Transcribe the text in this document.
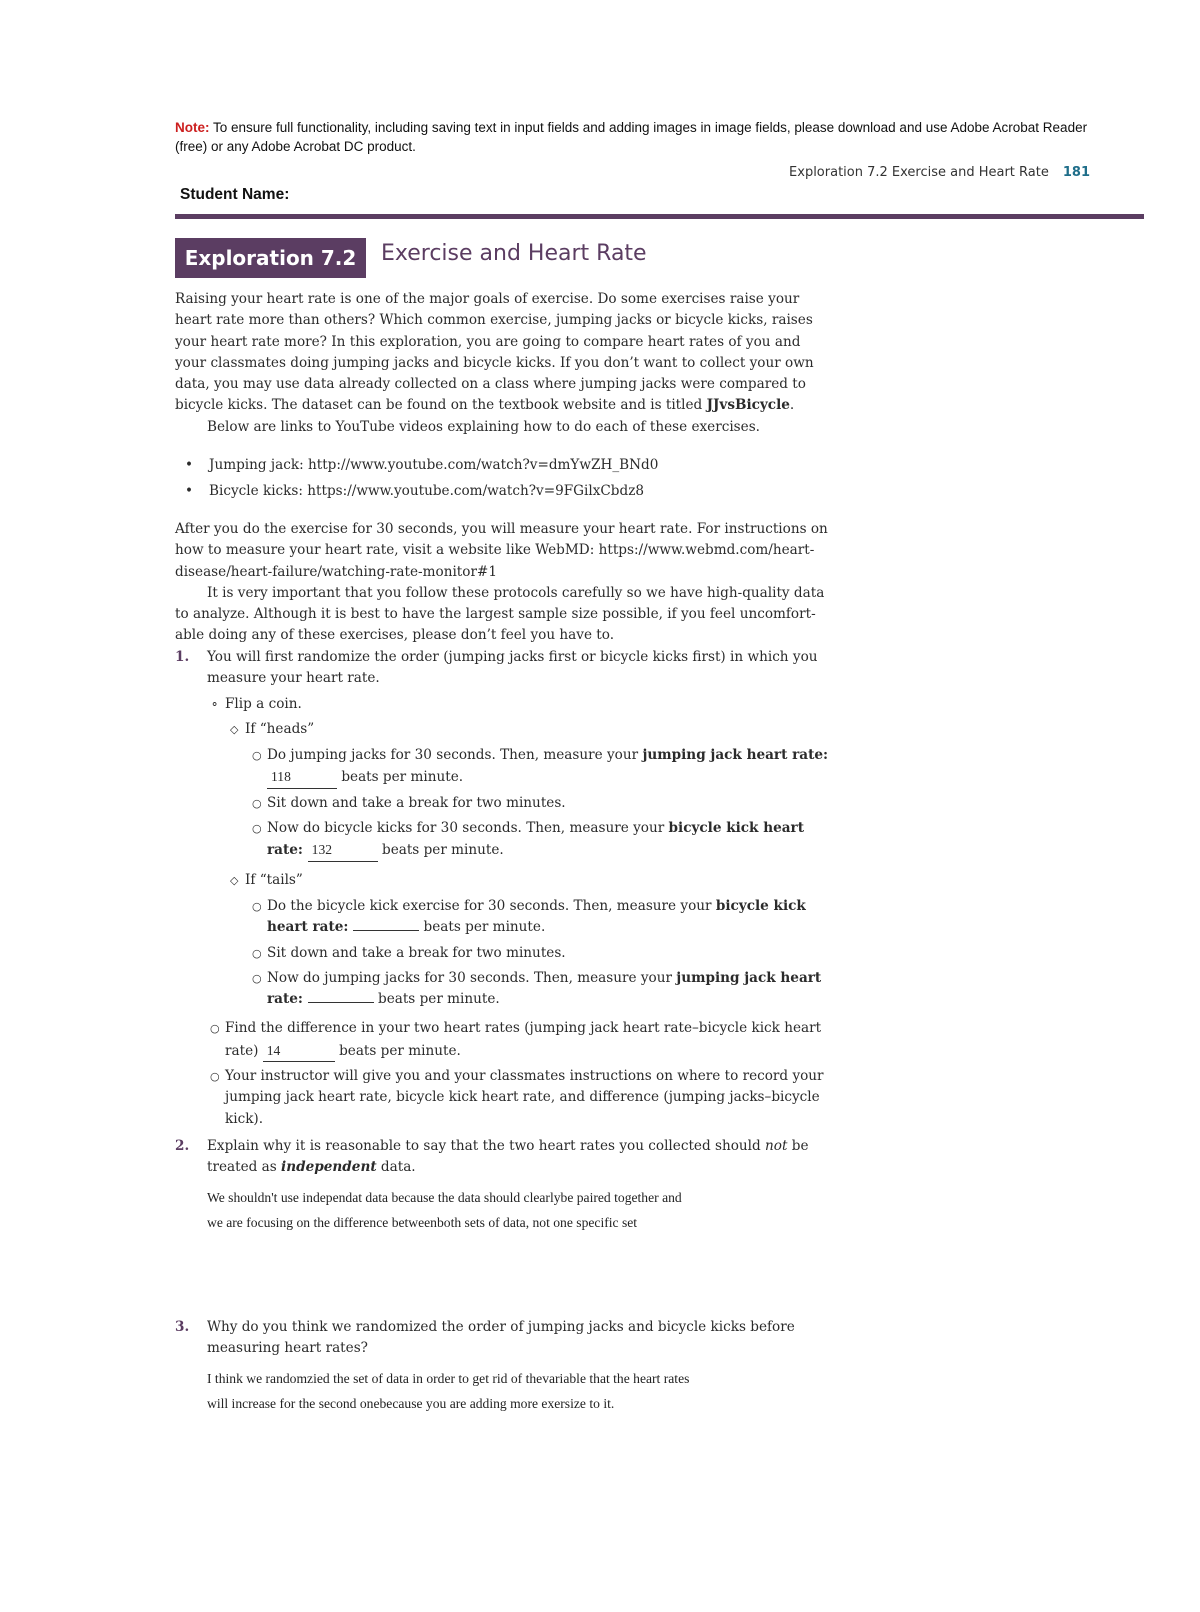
Note: To ensure full functionality, including saving text in input fields and adding images in image fields, please download and use Adobe Acrobat Reader (free) or any Adobe Acrobat DC product.
Exploration 7.2 Exercise and Heart Rate 181
Student Name:
Exploration 7.2	Exercise and Heart Rate
Raising your heart rate is one of the major goals of exercise. Do some exercises raise your heart rate more than others? Which common exercise, jumping jacks or bicycle kicks, raises your heart rate more? In this exploration, you are going to compare heart rates of you and your classmates doing jumping jacks and bicycle kicks. If you don’t want to collect your own data, you may use data already collected on a class where jumping jacks were compared to bicycle kicks. The dataset can be found on the textbook website and is titled JJvsBicycle.
Below are links to YouTube videos explaining how to do each of these exercises.
• Jumping jack: http://www.youtube.com/watch?v=dmYwZH_BNd0
• Bicycle kicks: https://www.youtube.com/watch?v=9FGilxCbdz8
After you do the exercise for 30 seconds, you will measure your heart rate. For instructions on how to measure your heart rate, visit a website like WebMD: https://www.webmd.com/heart-disease/heart-failure/watching-rate-monitor#1
It is very important that you follow these protocols carefully so we have high-quality data to analyze. Although it is best to have the largest sample size possible, if you feel uncomfortable doing any of these exercises, please don’t feel you have to.
1. You will first randomize the order (jumping jacks first or bicycle kicks first) in which you measure your heart rate.
⚬ Flip a coin.
◇ If “heads”
○ Do jumping jacks for 30 seconds. Then, measure your jumping jack heart rate: 118	beats per minute.
○ Sit down and take a break for two minutes.
○ Now do bicycle kicks for 30 seconds. Then, measure your bicycle kick heart rate: 132	beats per minute.
◇ If “tails”
○ Do the bicycle kick exercise for 30 seconds. Then, measure your bicycle kick heart rate:	beats per minute.
○ Sit down and take a break for two minutes.
○ Now do jumping jacks for 30 seconds. Then, measure your jumping jack heart rate:	beats per minute.
○ Find the difference in your two heart rates (jumping jack heart rate–bicycle kick heart rate) 14	beats per minute.
○ Your instructor will give you and your classmates instructions on where to record your jumping jack heart rate, bicycle kick heart rate, and difference (jumping jacks–bicycle kick).
2. Explain why it is reasonable to say that the two heart rates you collected should not be treated as independent data.
We shouldn't use independat data because the data should clearlybe paired together and
we are focusing on the difference betweenboth sets of data, not one specific set
3. Why do you think we randomized the order of jumping jacks and bicycle kicks before measuring heart rates?
I think we randomzied the set of data in order to get rid of thevariable that the heart rates
will increase for the second onebecause you are adding more exersize to it.
